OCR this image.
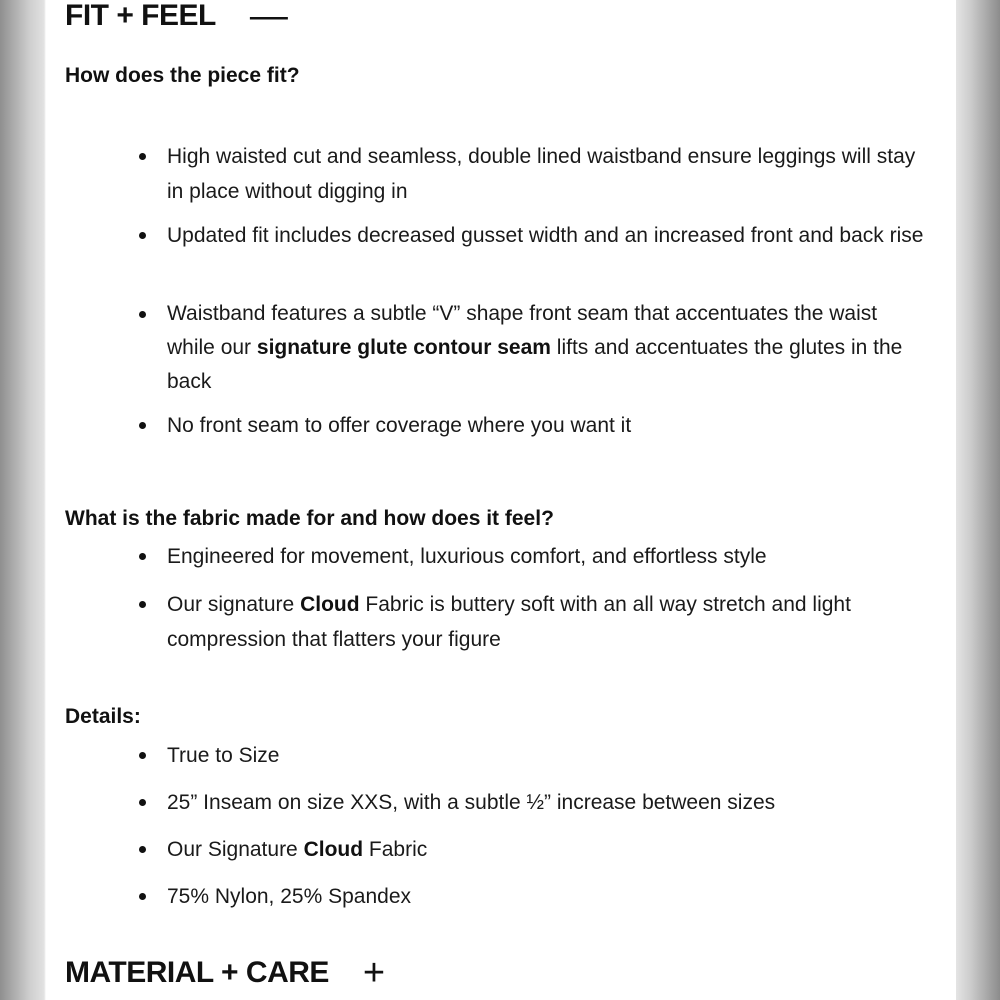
FIT + FEEL —
How does the piece fit?
High waisted cut and seamless, double lined waistband ensure leggings will stay in place without digging in
Updated fit includes decreased gusset width and an increased front and back rise
Waistband features a subtle “V” shape front seam that accentuates the waist while our signature glute contour seam lifts and accentuates the glutes in the back
No front seam to offer coverage where you want it
What is the fabric made for and how does it feel?
Engineered for movement, luxurious comfort, and effortless style
Our signature Cloud Fabric is buttery soft with an all way stretch and light compression that flatters your figure
Details:
True to Size
25” Inseam on size XXS, with a subtle ½” increase between sizes
Our Signature Cloud Fabric
75% Nylon, 25% Spandex
MATERIAL + CARE +
